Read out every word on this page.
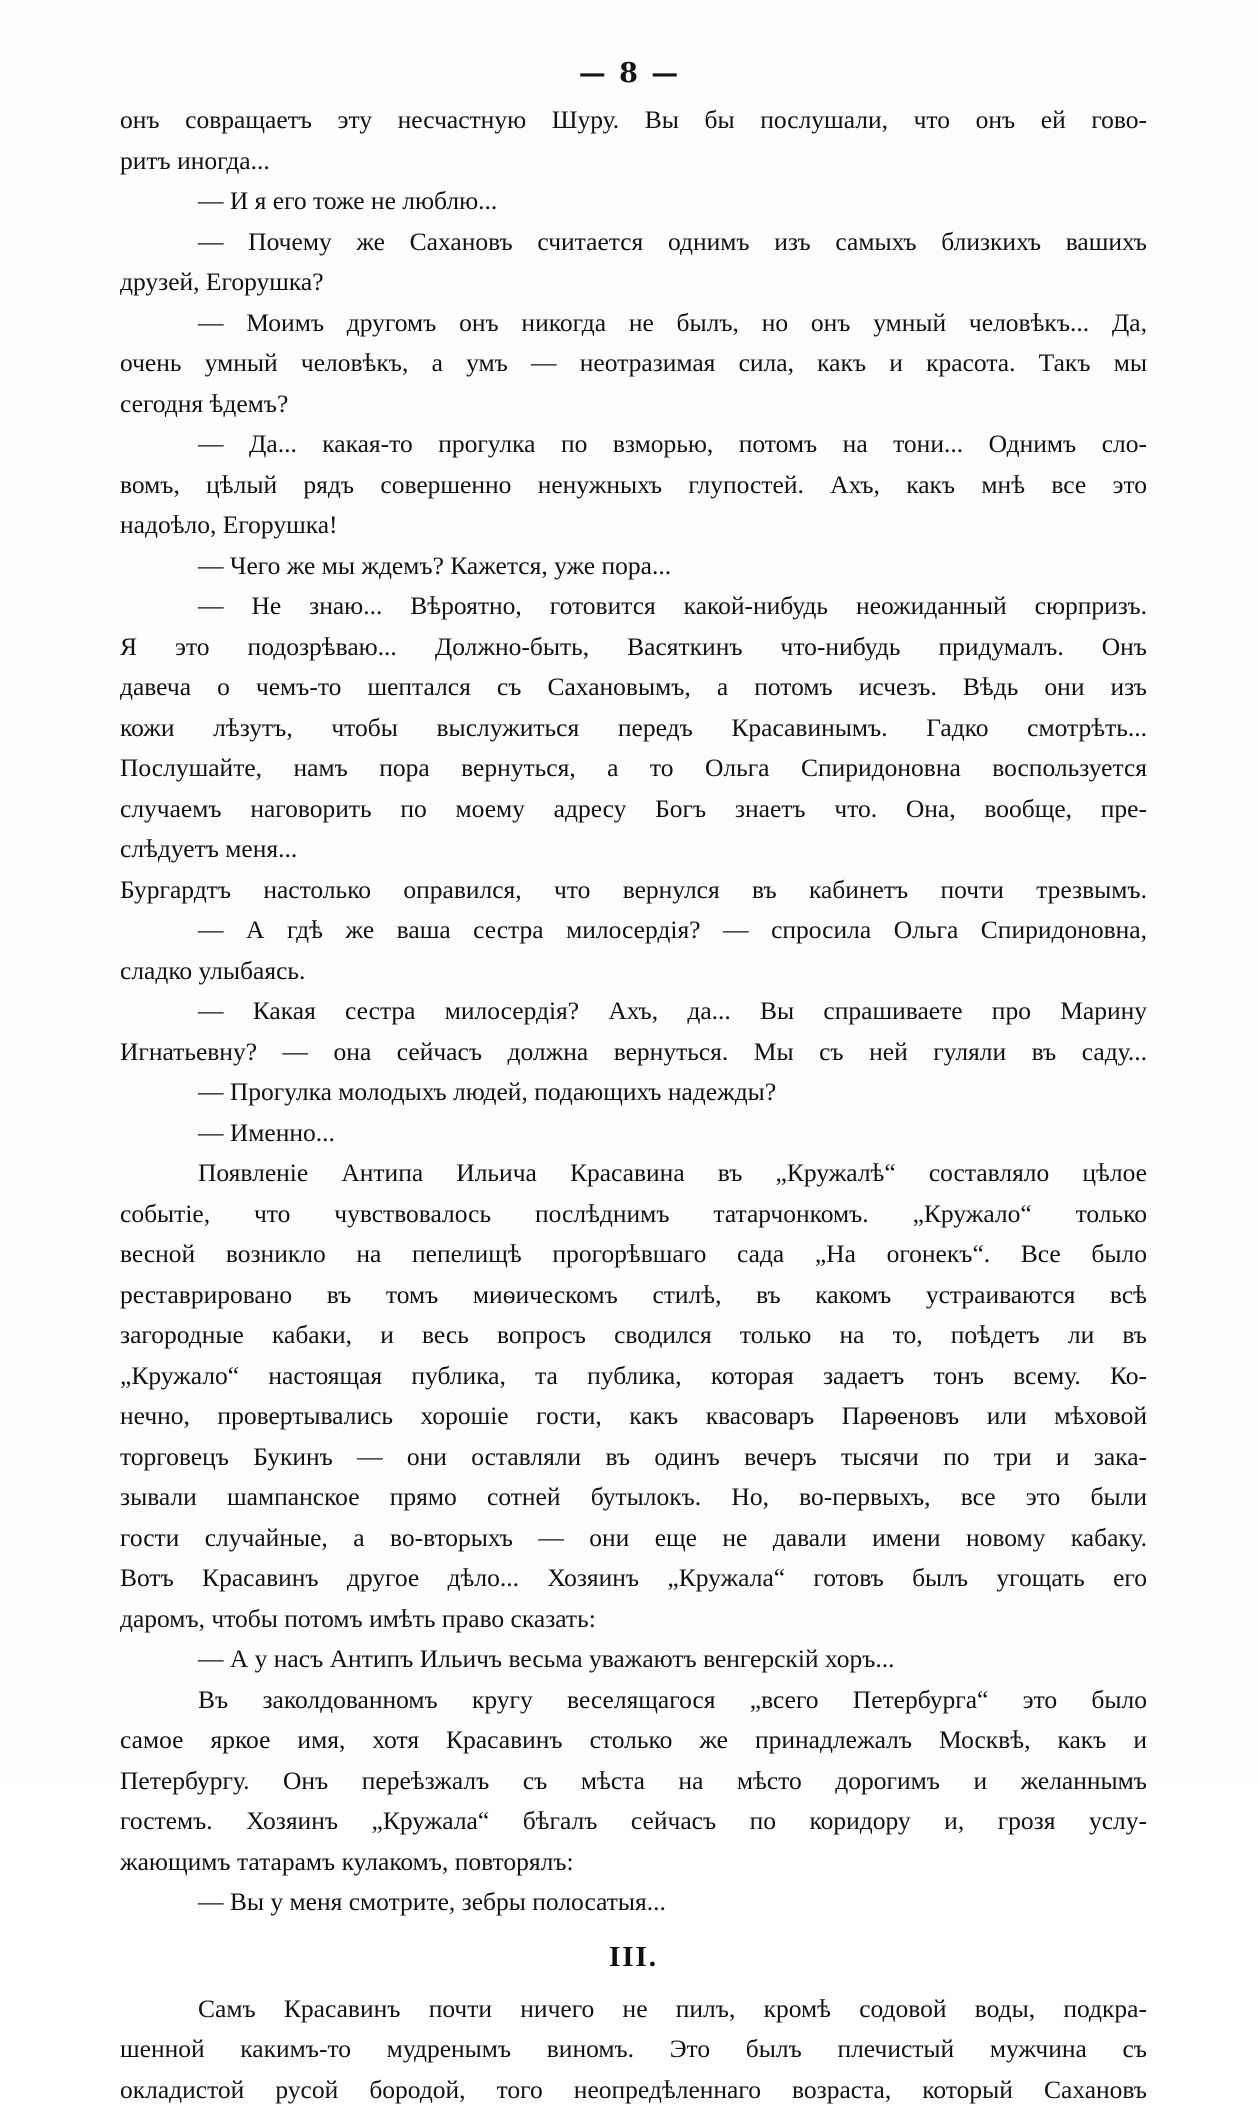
— 8 —
онъ совращаетъ эту несчастную Шуру. Вы бы послушали, что онъ ей гово-
ритъ иногда...
— И я его тоже не люблю...
— Почему же Сахановъ считается однимъ изъ самыхъ близкихъ вашихъ
друзей, Егорушка?
— Моимъ другомъ онъ никогда не былъ, но онъ умный человѣкъ... Да,
очень умный человѣкъ, а умъ — неотразимая сила, какъ и красота. Такъ мы
сегодня ѣдемъ?
— Да... какая-то прогулка по взморью, потомъ на тони... Однимъ сло-
вомъ, цѣлый рядъ совершенно ненужныхъ глупостей. Ахъ, какъ мнѣ все это
надоѣло, Егорушка!
— Чего же мы ждемъ? Кажется, уже пора...
— Не знаю... Вѣроятно, готовится какой-нибудь неожиданный сюрпризъ.
Я это подозрѣваю... Должно-быть, Васяткинъ что-нибудь придумалъ. Онъ
давеча о чемъ-то шептался съ Сахановымъ, а потомъ исчезъ. Вѣдь они изъ
кожи лѣзутъ, чтобы выслужиться передъ Красавинымъ. Гадко смотрѣть...
Послушайте, намъ пора вернуться, а то Ольга Спиридоновна воспользуется
случаемъ наговорить по моему адресу Богъ знаетъ что. Она, вообще, пре-
слѣдуетъ меня...
Бургардтъ настолько оправился, что вернулся въ кабинетъ почти трезвымъ.
— А гдѣ же ваша сестра милосердія? — спросила Ольга Спиридоновна,
сладко улыбаясь.
— Какая сестра милосердія? Ахъ, да... Вы спрашиваете про Марину
Игнатьевну? — она сейчасъ должна вернуться. Мы съ ней гуляли въ саду...
— Прогулка молодыхъ людей, подающихъ надежды?
— Именно...
Появленіе Антипа Ильича Красавина въ „Кружалѣ“ составляло цѣлое
событіе, что чувствовалось послѣднимъ татарчонкомъ. „Кружало“ только
весной возникло на пепелищѣ прогорѣвшаго сада „На огонекъ“. Все было
реставрировано въ томъ миѳическомъ стилѣ, въ какомъ устраиваются всѣ
загородные кабаки, и весь вопросъ сводился только на то, поѣдетъ ли въ
„Кружало“ настоящая публика, та публика, которая задаетъ тонъ всему. Ко-
нечно, провертывались хорошіе гости, какъ квасоваръ Парѳеновъ или мѣховой
торговецъ Букинъ — они оставляли въ одинъ вечеръ тысячи по три и зака-
зывали шампанское прямо сотней бутылокъ. Но, во-первыхъ, все это были
гости случайные, а во-вторыхъ — они еще не давали имени новому кабаку.
Вотъ Красавинъ другое дѣло... Хозяинъ „Кружала“ готовъ былъ угощать его
даромъ, чтобы потомъ имѣть право сказать:
— А у насъ Антипъ Ильичъ весьма уважаютъ венгерскій хоръ...
Въ заколдованномъ кругу веселящагося „всего Петербурга“ это было
самое яркое имя, хотя Красавинъ столько же принадлежалъ Москвѣ, какъ и
Петербургу. Онъ переѣзжалъ съ мѣста на мѣсто дорогимъ и желаннымъ
гостемъ. Хозяинъ „Кружала“ бѣгалъ сейчасъ по коридору и, грозя услу-
жающимъ татарамъ кулакомъ, повторялъ:
— Вы у меня смотрите, зебры полосатыя...
III.
Самъ Красавинъ почти ничего не пилъ, кромѣ содовой воды, подкра-
шенной какимъ-то мудренымъ виномъ. Это былъ плечистый мужчина съ
окладистой русой бородой, того неопредѣленнаго возраста, который Сахановъ
